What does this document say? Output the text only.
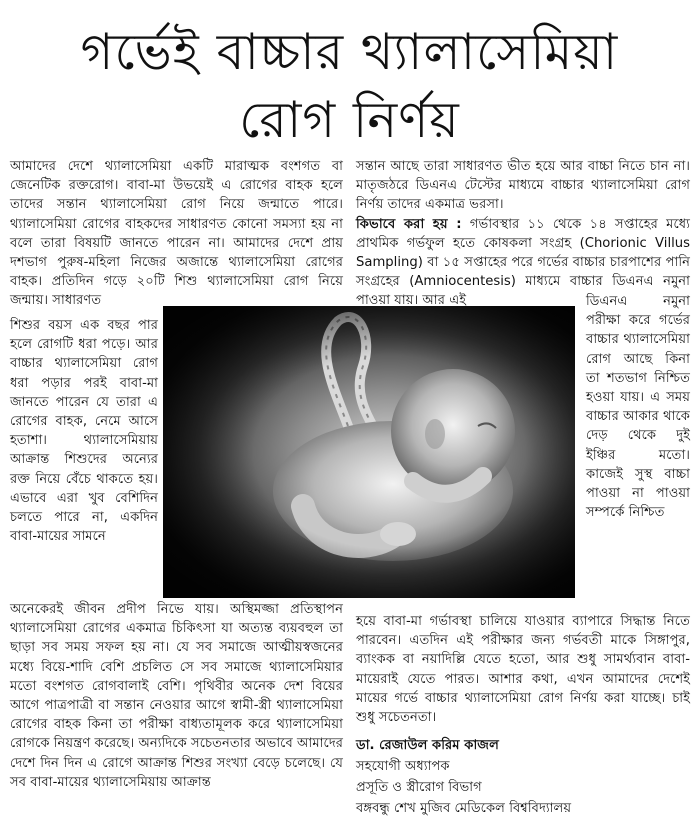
গর্ভেই বাচ্চার থ্যালাসেমিয়া
রোগ নির্ণয়

আমাদের দেশে থ্যালাসেমিয়া একটি মারাত্মক বংশগত বা জেনেটিক রক্তরোগ। বাবা-মা উভয়েই এ রোগের বাহক হলে তাদের সন্তান থ্যালাসেমিয়া রোগ নিয়ে জন্মাতে পারে। থ্যালাসেমিয়া রোগের বাহকদের সাধারণত কোনো সমস্যা হয় না বলে তারা বিষয়টি জানতে পারেন না। আমাদের দেশে প্রায় দশভাগ পুরুষ-মহিলা নিজের অজান্তে থ্যালাসেমিয়া রোগের বাহক। প্রতিদিন গড়ে ২০টি শিশু থ্যালাসেমিয়া রোগ নিয়ে জন্মায়। সাধারণত

শিশুর বয়স এক বছর পার হলে রোগটি ধরা পড়ে। আর বাচ্চার থ্যালাসেমিয়া রোগ ধরা পড়ার পরই বাবা-মা জানতে পারেন যে তারা এ রোগের বাহক, নেমে আসে হতাশা। থ্যালাসেমিয়ায় আক্রান্ত শিশুদের অন্যের রক্ত নিয়ে বেঁচে থাকতে হয়। এভাবে এরা খুব বেশিদিন চলতে পারে না, একদিন বাবা-মায়ের সামনে

অনেকেরই জীবন প্রদীপ নিভে যায়। অস্থিমজ্জা প্রতিস্থাপন থ্যালাসেমিয়া রোগের একমাত্র চিকিৎসা যা অত্যন্ত ব্যয়বহুল তা ছাড়া সব সময় সফল হয় না। যে সব সমাজে আত্মীয়স্বজনের মধ্যে বিয়ে-শাদি বেশি প্রচলিত সে সব সমাজে থ্যালাসেমিয়ার মতো বংশগত রোগবালাই বেশি। পৃথিবীর অনেক দেশ বিয়ের আগে পাত্রপাত্রী বা সন্তান নেওয়ার আগে স্বামী-স্ত্রী থ্যালাসেমিয়া রোগের বাহক কিনা তা পরীক্ষা বাধ্যতামূলক করে থ্যালাসেমিয়া রোগকে নিয়ন্ত্রণ করেছে। অন্যদিকে সচেতনতার অভাবে আমাদের দেশে দিন দিন এ রোগে আক্রান্ত শিশুর সংখ্যা বেড়ে চলেছে। যে সব বাবা-মায়ের থ্যালাসেমিয়ায় আক্রান্ত

সন্তান আছে তারা সাধারণত ভীত হয়ে আর বাচ্চা নিতে চান না। মাতৃজঠরে ডিএনএ টেস্টের মাধ্যমে বাচ্চার থ্যালাসেমিয়া রোগ নির্ণয় তাদের একমাত্র ভরসা।

কিভাবে করা হয় : গর্ভাবস্থার ১১ থেকে ১৪ সপ্তাহের মধ্যে প্রাথমিক গর্ভফুল হতে কোষকলা সংগ্রহ (Chorionic Villus Sampling) বা ১৫ সপ্তাহের পরে গর্ভের বাচ্চার চারপাশের পানি সংগ্রহের (Amniocentesis) মাধ্যমে বাচ্চার ডিএনএ নমুনা পাওয়া যায়। আর এই	ডিএনএ নমুনা পরীক্ষা করে গর্ভের বাচ্চার থ্যালাসেমিয়া রোগ আছে কিনা তা শতভাগ নিশ্চিত হওয়া যায়। এ সময় বাচ্চার আকার থাকে দেড় থেকে দুই ইঞ্চির মতো। কাজেই সুস্থ বাচ্চা পাওয়া না পাওয়া সম্পর্কে নিশ্চিত

হয়ে বাবা-মা গর্ভাবস্থা চালিয়ে যাওয়ার ব্যাপারে সিদ্ধান্ত নিতে পারবেন। এতদিন এই পরীক্ষার জন্য গর্ভবতী মাকে সিঙ্গাপুর, ব্যাংকক বা নয়াদিল্লি যেতে হতো, আর শুধু সামর্থ্যবান বাবা-মায়েরাই যেতে পারত। আশার কথা, এখন আমাদের দেশেই মায়ের গর্ভে বাচ্চার থ্যালাসেমিয়া রোগ নির্ণয় করা যাচ্ছে। চাই শুধু সচেতনতা।

ডা. রেজাউল করিম কাজল
সহযোগী অধ্যাপক
প্রসূতি ও স্ত্রীরোগ বিভাগ
বঙ্গবন্ধু শেখ মুজিব মেডিকেল বিশ্ববিদ্যালয়
